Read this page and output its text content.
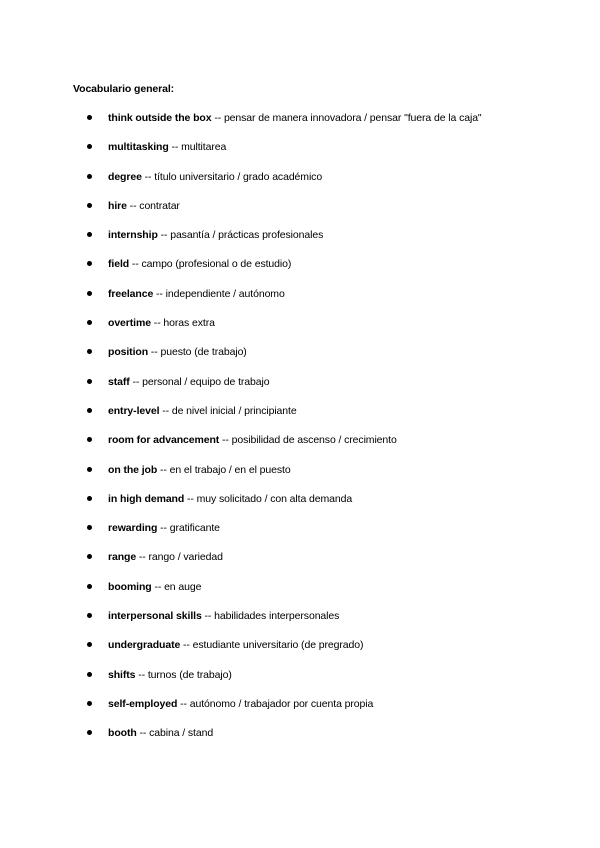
Vocabulario general:
think outside the box -- pensar de manera innovadora / pensar "fuera de la caja"
multitasking -- multitarea
degree -- título universitario / grado académico
hire -- contratar
internship -- pasantía / prácticas profesionales
field -- campo (profesional o de estudio)
freelance -- independiente / autónomo
overtime -- horas extra
position -- puesto (de trabajo)
staff -- personal / equipo de trabajo
entry-level -- de nivel inicial / principiante
room for advancement -- posibilidad de ascenso / crecimiento
on the job -- en el trabajo / en el puesto
in high demand -- muy solicitado / con alta demanda
rewarding -- gratificante
range -- rango / variedad
booming -- en auge
interpersonal skills -- habilidades interpersonales
undergraduate -- estudiante universitario (de pregrado)
shifts -- turnos (de trabajo)
self-employed -- autónomo / trabajador por cuenta propia
booth -- cabina / stand
